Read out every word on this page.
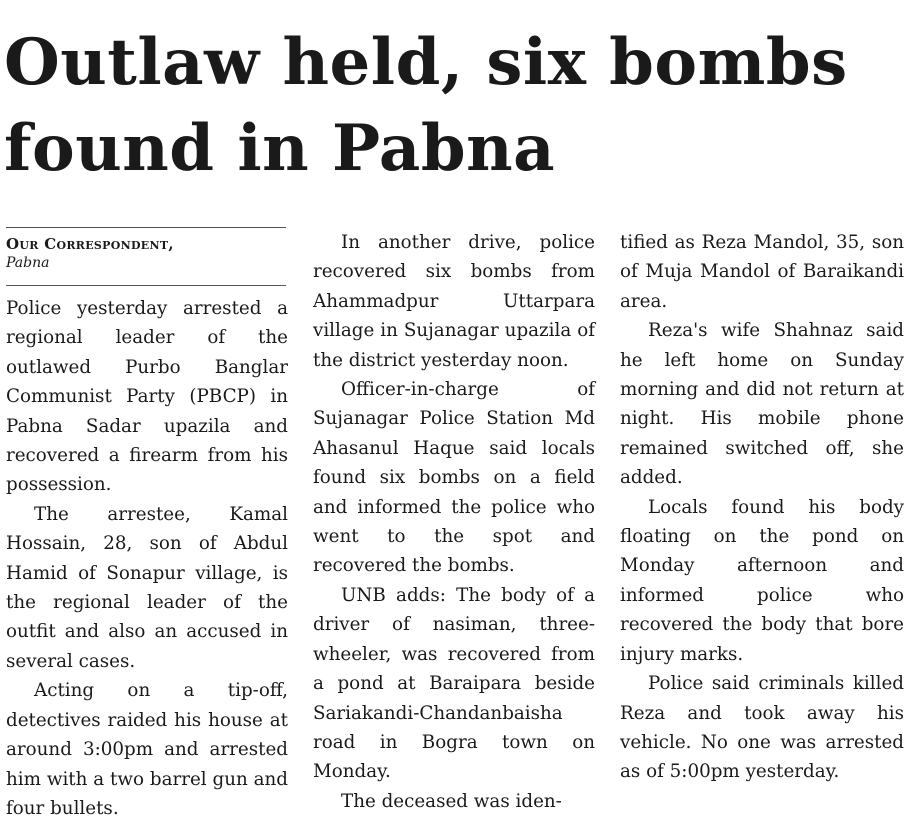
Outlaw held, six bombs found in Pabna
Our Correspondent,
Pabna

Police yesterday arrested a regional leader of the outlawed Purbo Banglar Communist Party (PBCP) in Pabna Sadar upazila and recovered a firearm from his possession.

The arrestee, Kamal Hossain, 28, son of Abdul Hamid of Sonapur village, is the regional leader of the outfit and also an accused in several cases.

Acting on a tip-off, detectives raided his house at around 3:00pm and arrested him with a two barrel gun and four bullets.

In another drive, police recovered six bombs from Ahammadpur Uttarpara village in Sujanagar upazila of the district yesterday noon.

Officer-in-charge of Sujanagar Police Station Md Ahasanul Haque said locals found six bombs on a field and informed the police who went to the spot and recovered the bombs.

UNB adds: The body of a driver of nasiman, three-wheeler, was recovered from a pond at Baraipara beside Sariakandi-Chandanbaisha road in Bogra town on Monday.

The deceased was iden-

tified as Reza Mandol, 35, son of Muja Mandol of Baraikandi area.

Reza's wife Shahnaz said he left home on Sunday morning and did not return at night. His mobile phone remained switched off, she added.

Locals found his body floating on the pond on Monday afternoon and informed police who recovered the body that bore injury marks.

Police said criminals killed Reza and took away his vehicle. No one was arrested as of 5:00pm yesterday.
